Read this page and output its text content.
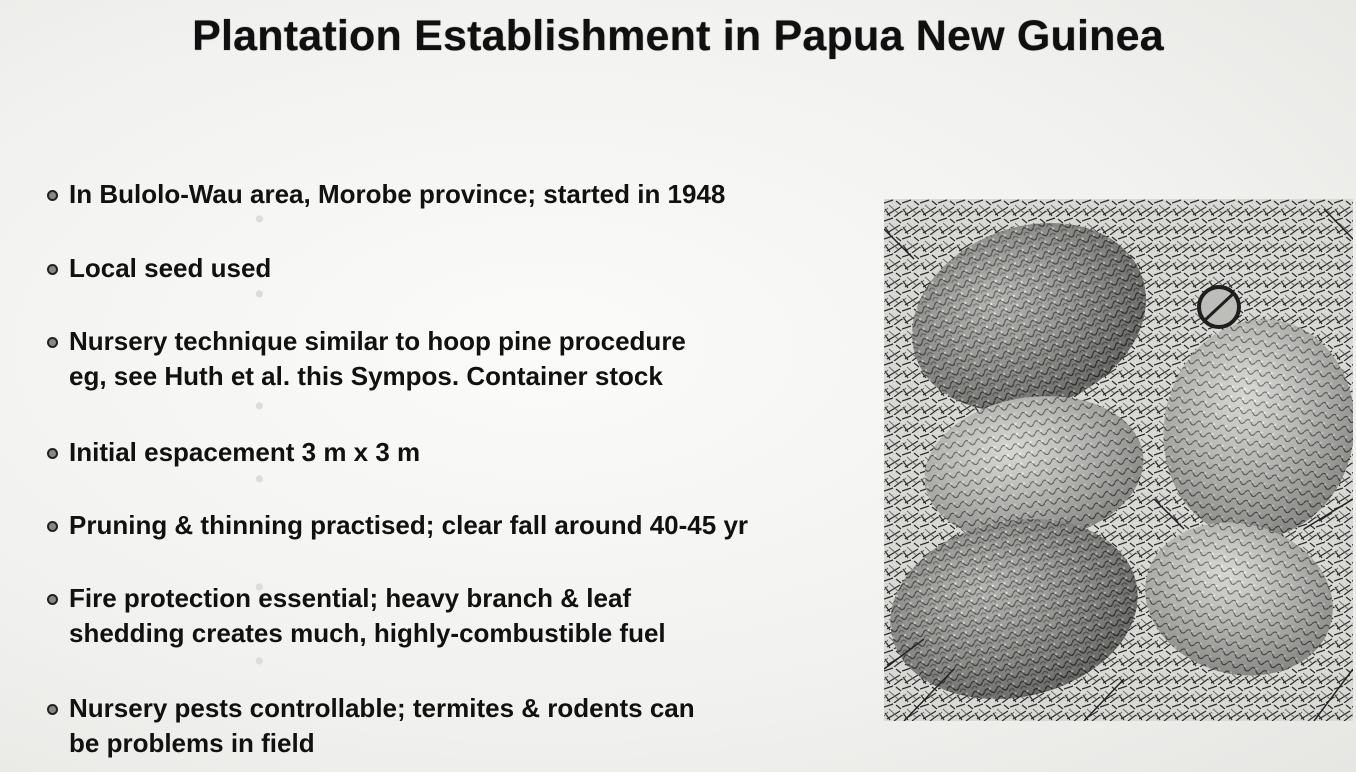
•
•
•
•
•
•
Plantation Establishment in Papua New Guinea
In Bulolo-Wau area, Morobe province; started in 1948
Local seed used
Nursery technique similar to hoop pine procedure
eg, see Huth et al. this Sympos. Container stock
Initial espacement 3 m x 3 m
Pruning & thinning practised; clear fall around 40-45 yr
Fire protection essential; heavy branch & leaf
shedding creates much, highly-combustible fuel
Nursery pests controllable; termites & rodents can
be problems in field
